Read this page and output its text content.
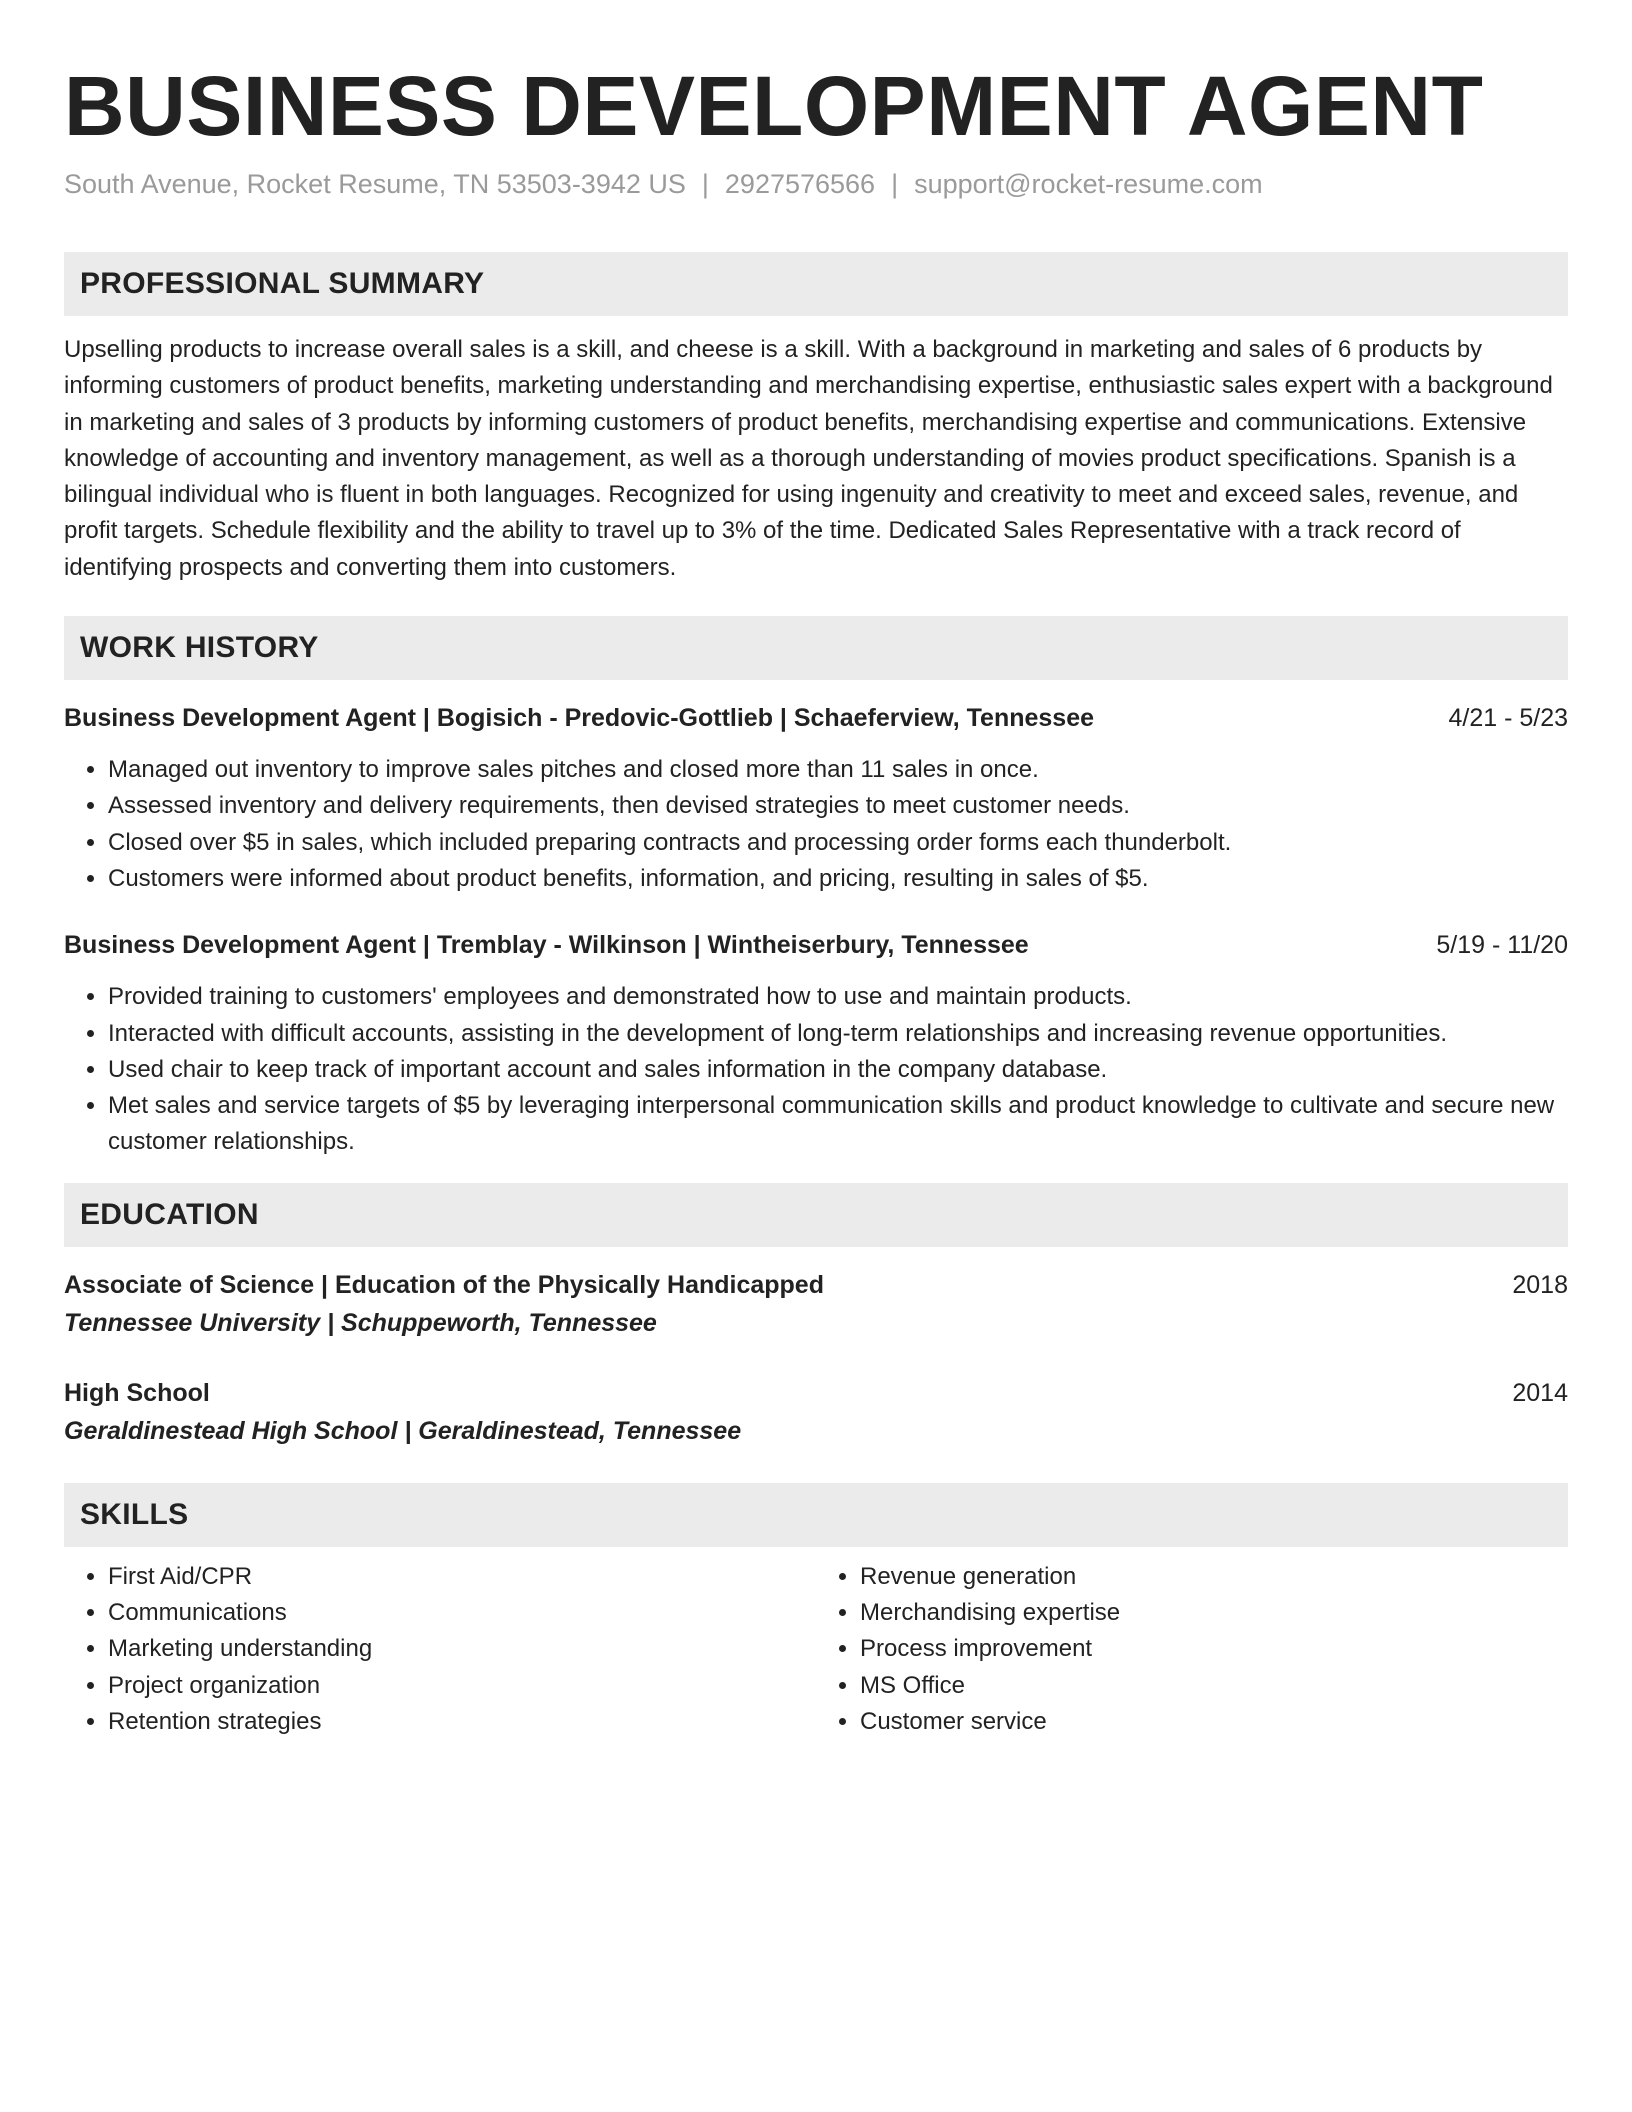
BUSINESS DEVELOPMENT AGENT
South Avenue, Rocket Resume, TN 53503-3942 US | 2927576566 | support@rocket-resume.com
PROFESSIONAL SUMMARY
Upselling products to increase overall sales is a skill, and cheese is a skill. With a background in marketing and sales of 6 products by informing customers of product benefits, marketing understanding and merchandising expertise, enthusiastic sales expert with a background in marketing and sales of 3 products by informing customers of product benefits, merchandising expertise and communications. Extensive knowledge of accounting and inventory management, as well as a thorough understanding of movies product specifications. Spanish is a bilingual individual who is fluent in both languages. Recognized for using ingenuity and creativity to meet and exceed sales, revenue, and profit targets. Schedule flexibility and the ability to travel up to 3% of the time. Dedicated Sales Representative with a track record of identifying prospects and converting them into customers.
WORK HISTORY
Business Development Agent | Bogisich - Predovic-Gottlieb | Schaeferview, Tennessee	4/21 - 5/23
• Managed out inventory to improve sales pitches and closed more than 11 sales in once.
• Assessed inventory and delivery requirements, then devised strategies to meet customer needs.
• Closed over $5 in sales, which included preparing contracts and processing order forms each thunderbolt.
• Customers were informed about product benefits, information, and pricing, resulting in sales of $5.
Business Development Agent | Tremblay - Wilkinson | Wintheiserbury, Tennessee	5/19 - 11/20
• Provided training to customers' employees and demonstrated how to use and maintain products.
• Interacted with difficult accounts, assisting in the development of long-term relationships and increasing revenue opportunities.
• Used chair to keep track of important account and sales information in the company database.
• Met sales and service targets of $5 by leveraging interpersonal communication skills and product knowledge to cultivate and secure new customer relationships.
EDUCATION
Associate of Science | Education of the Physically Handicapped	2018
Tennessee University | Schuppeworth, Tennessee
High School	2014
Geraldinestead High School | Geraldinestead, Tennessee
SKILLS
• First Aid/CPR
• Communications
• Marketing understanding
• Project organization
• Retention strategies
• Revenue generation
• Merchandising expertise
• Process improvement
• MS Office
• Customer service
